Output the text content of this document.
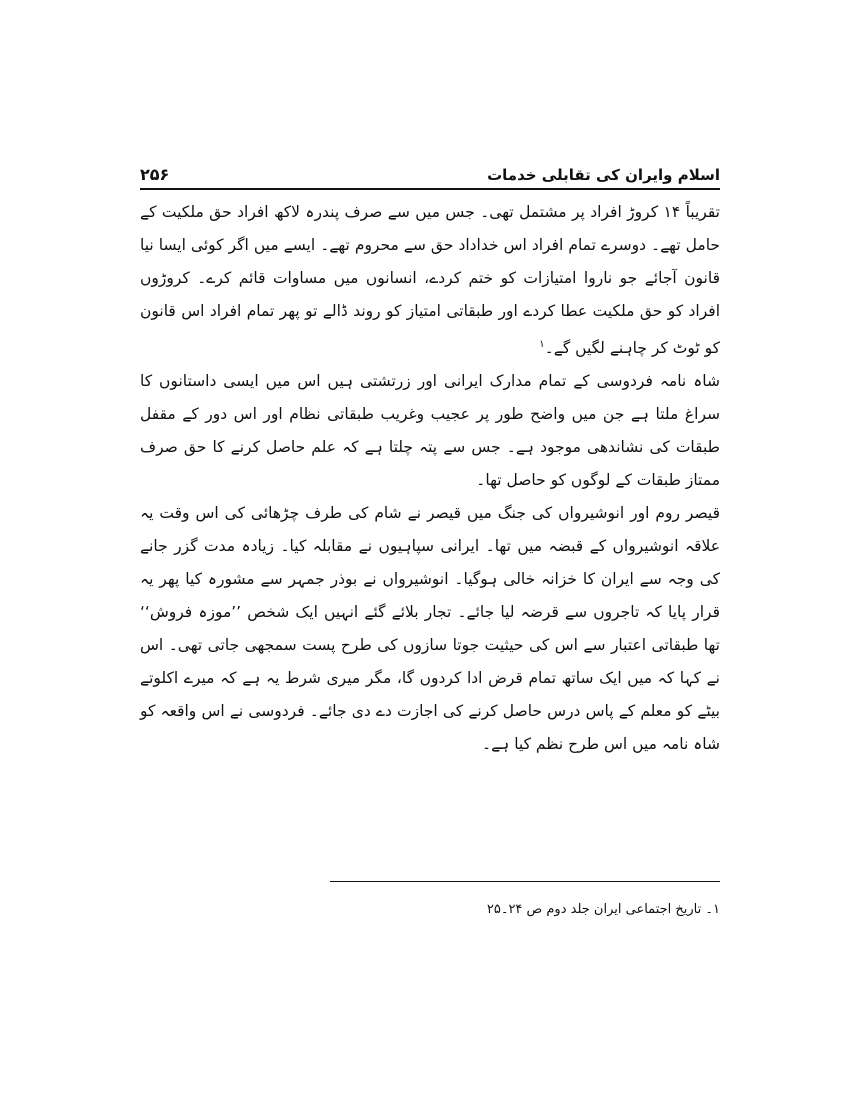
اسلام وایران کی تقابلی خدمات
۲۵۶

تقریباً ۱۴ کروڑ افراد پر مشتمل تھی۔ جس میں سے صرف پندرہ لاکھ افراد حق ملکیت کے حامل تھے۔ دوسرے تمام افراد اس خداداد حق سے محروم تھے۔ ایسے میں اگر کوئی ایسا نیا قانون آجائے جو ناروا امتیازات کو ختم کردے، انسانوں میں مساوات قائم کرے۔ کروڑوں افراد کو حق ملکیت عطا کردے اور طبقاتی امتیاز کو روند ڈالے تو پھر تمام افراد اس قانون کو ٹوٹ کر چاہنے لگیں گے۔$^۱$

شاہ نامہ فردوسی کے تمام مدارک ایرانی اور زرتشتی ہیں اس میں ایسی داستانوں کا سراغ ملتا ہے جن میں واضح طور پر عجیب وغریب طبقاتی نظام اور اس دور کے مقفل طبقات کی نشاندھی موجود ہے۔ جس سے پتہ چلتا ہے کہ علم حاصل کرنے کا حق صرف ممتاز طبقات کے لوگوں کو حاصل تھا۔

قیصر روم اور انوشیرواں کی جنگ میں قیصر نے شام کی طرف چڑھائی کی اس وقت یہ علاقہ انوشیرواں کے قبضہ میں تھا۔ ایرانی سپاہیوں نے مقابلہ کیا۔ زیادہ مدت گزر جانے کی وجہ سے ایران کا خزانہ خالی ہوگیا۔ انوشیرواں نے بوذر جمہر سے مشورہ کیا پھر یہ قرار پایا کہ تاجروں سے قرضہ لیا جائے۔ تجار بلائے گئے انہیں ایک شخص ’’موزہ فروش‘‘ تھا طبقاتی اعتبار سے اس کی حیثیت جوتا سازوں کی طرح پست سمجھی جاتی تھی۔ اس نے کہا کہ میں ایک ساتھ تمام قرض ادا کردوں گا، مگر میری شرط یہ ہے کہ میرے اکلوتے بیٹے کو معلم کے پاس درس حاصل کرنے کی اجازت دے دی جائے۔ فردوسی نے اس واقعہ کو شاہ نامہ میں اس طرح نظم کیا ہے۔

۱۔ تاریخ اجتماعی ایران جلد دوم ص ۲۴۔۲۵
